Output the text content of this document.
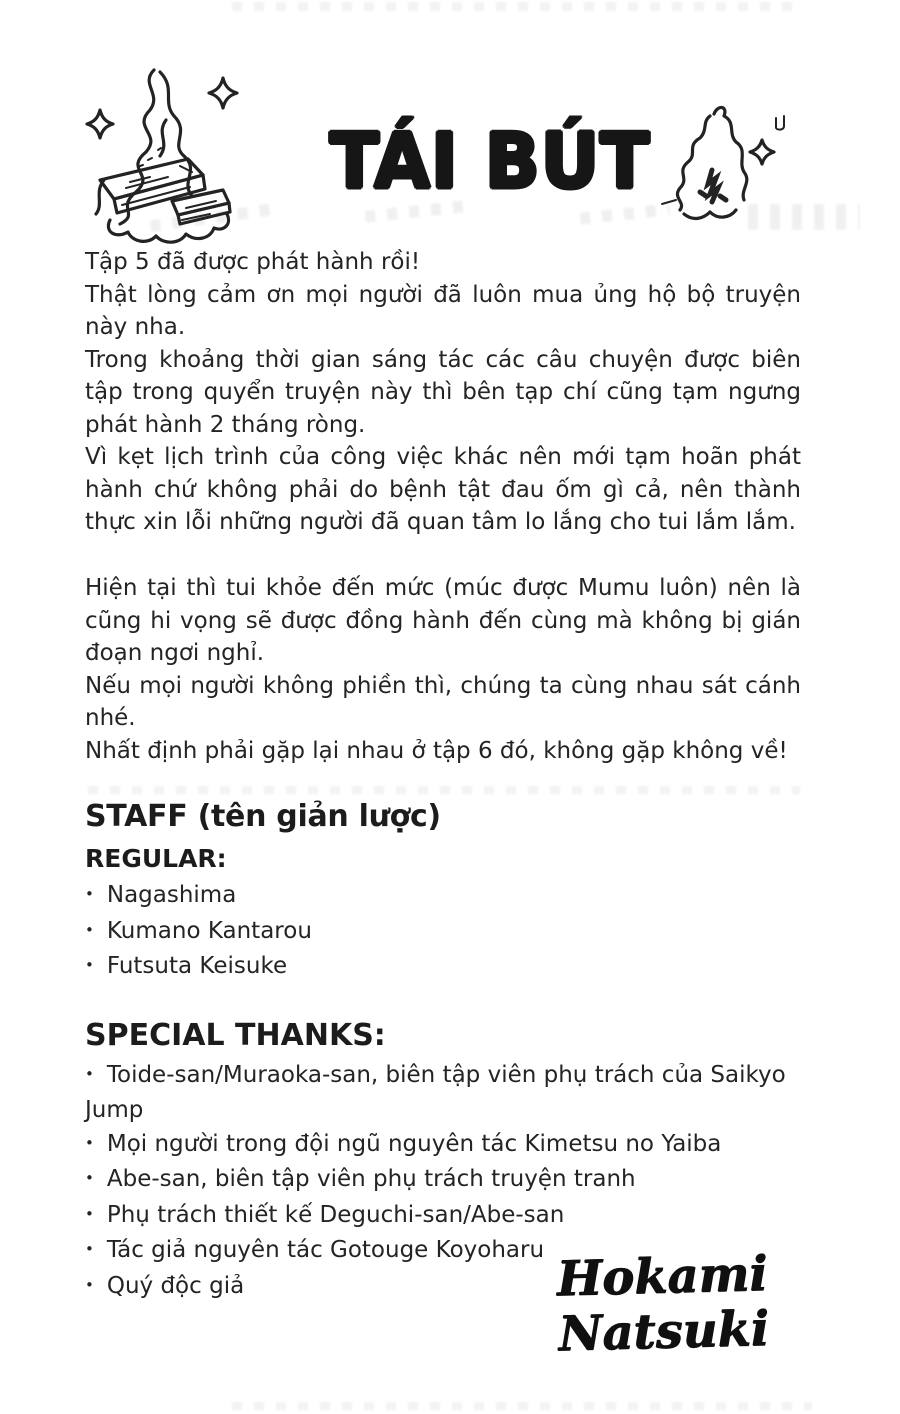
TÁI BÚT

Tập 5 đã được phát hành rồi!

Thật lòng cảm ơn mọi người đã luôn mua ủng hộ bộ truyện này nha.

Trong khoảng thời gian sáng tác các câu chuyện được biên tập trong quyển truyện này thì bên tạp chí cũng tạm ngưng phát hành 2 tháng ròng.

Vì kẹt lịch trình của công việc khác nên mới tạm hoãn phát hành chứ không phải do bệnh tật đau ốm gì cả, nên thành thực xin lỗi những người đã quan tâm lo lắng cho tui lắm lắm.

Hiện tại thì tui khỏe đến mức (múc được Mumu luôn) nên là cũng hi vọng sẽ được đồng hành đến cùng mà không bị gián đoạn ngơi nghỉ.

Nếu mọi người không phiền thì, chúng ta cùng nhau sát cánh nhé.

Nhất định phải gặp lại nhau ở tập 6 đó, không gặp không về!

STAFF (tên giản lược)
REGULAR:
• Nagashima
• Kumano Kantarou
• Futsuta Keisuke
SPECIAL THANKS:
• Toide-san/Muraoka-san, biên tập viên phụ trách của Saikyo Jump
• Mọi người trong đội ngũ nguyên tác Kimetsu no Yaiba
• Abe-san, biên tập viên phụ trách truyện tranh
• Phụ trách thiết kế Deguchi-san/Abe-san
• Tác giả nguyên tác Gotouge Koyoharu
• Quý độc giả	Hokami
Natsuki
